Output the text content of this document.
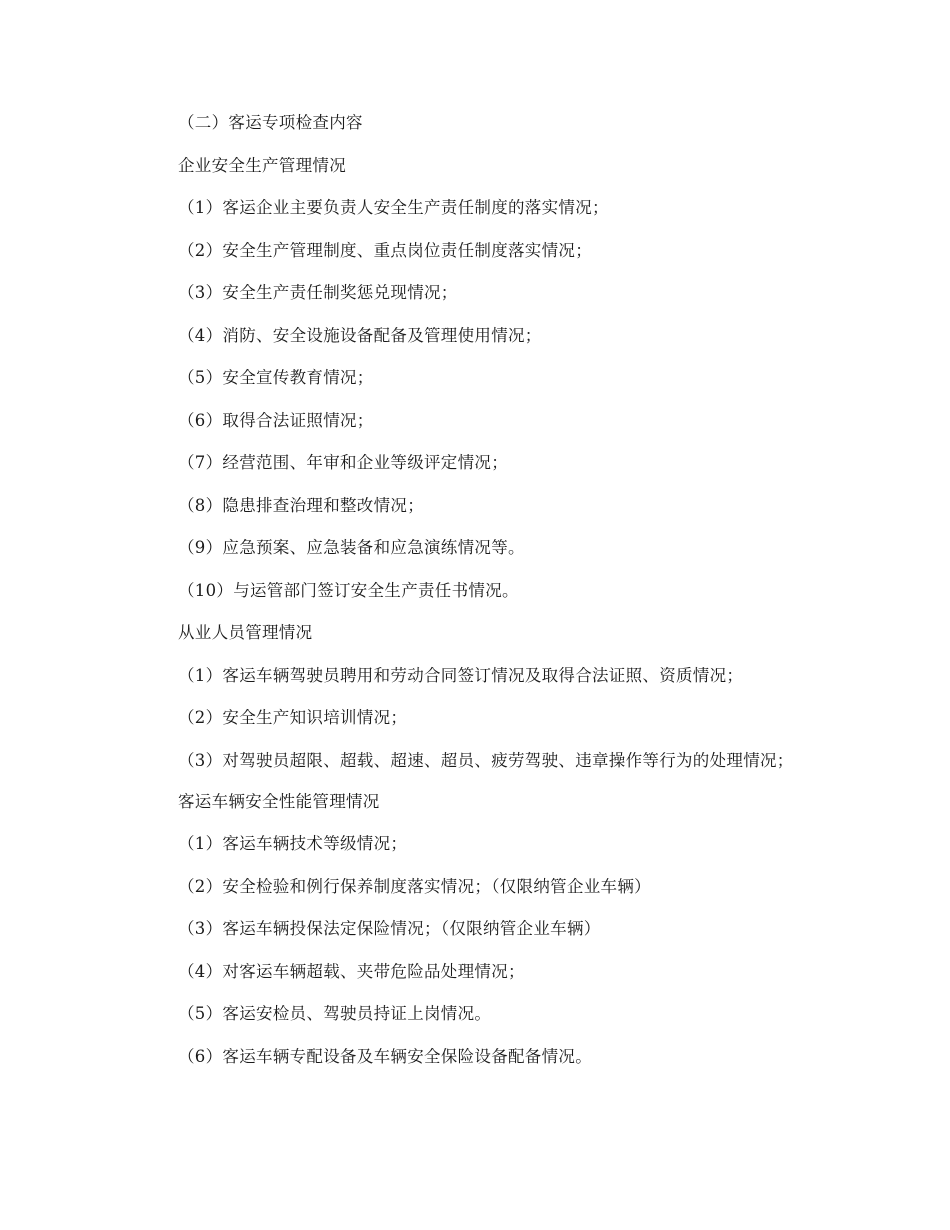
（二）客运专项检查内容

企业安全生产管理情况

（1）客运企业主要负责人安全生产责任制度的落实情况；

（2）安全生产管理制度、重点岗位责任制度落实情况；

（3）安全生产责任制奖惩兑现情况；

（4）消防、安全设施设备配备及管理使用情况；

（5）安全宣传教育情况；

（6）取得合法证照情况；

（7）经营范围、年审和企业等级评定情况；

（8）隐患排查治理和整改情况；

（9）应急预案、应急装备和应急演练情况等。

（10）与运管部门签订安全生产责任书情况。

从业人员管理情况

（1）客运车辆驾驶员聘用和劳动合同签订情况及取得合法证照、资质情况；

（2）安全生产知识培训情况；

（3）对驾驶员超限、超载、超速、超员、疲劳驾驶、违章操作等行为的处理情况；

客运车辆安全性能管理情况

（1）客运车辆技术等级情况；

（2）安全检验和例行保养制度落实情况；（仅限纳管企业车辆）

（3）客运车辆投保法定保险情况；（仅限纳管企业车辆）

（4）对客运车辆超载、夹带危险品处理情况；

（5）客运安检员、驾驶员持证上岗情况。

（6）客运车辆专配设备及车辆安全保险设备配备情况。
